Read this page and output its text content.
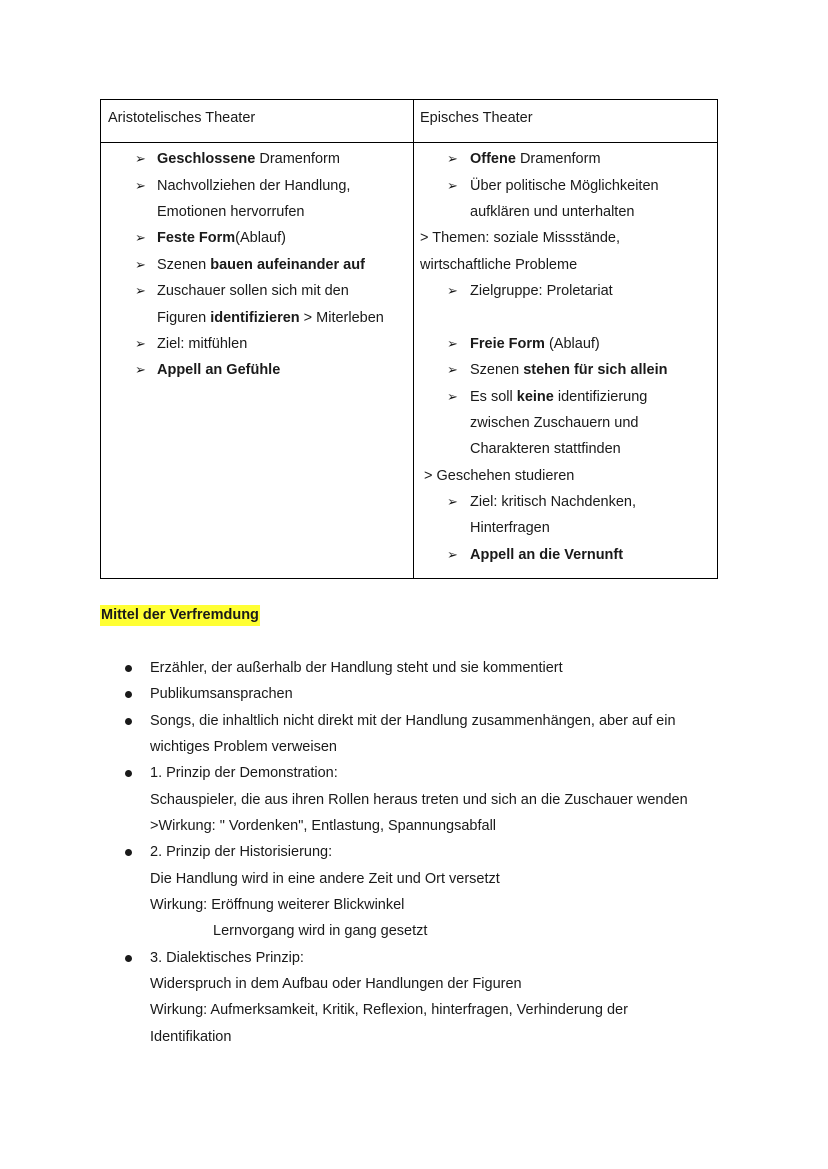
Aristotelisches Theater	Episches Theater
➢ Geschlossene Dramenform
➢ Nachvollziehen der Handlung,
Emotionen hervorrufen
➢ Feste Form(Ablauf)
➢ Szenen bauen aufeinander auf
➢ Zuschauer sollen sich mit den
Figuren identifizieren > Miterleben
➢ Ziel: mitfühlen
➢ Appell an Gefühle
➢ Offene Dramenform
➢ Über politische Möglichkeiten
aufklären und unterhalten
> Themen: soziale Missstände,
wirtschaftliche Probleme
➢ Zielgruppe: Proletariat
➢ Freie Form (Ablauf)
➢ Szenen stehen für sich allein
➢ Es soll keine identifizierung
zwischen Zuschauern und
Charakteren stattfinden
> Geschehen studieren
➢ Ziel: kritisch Nachdenken,
Hinterfragen
➢ Appell an die Vernunft
Mittel der Verfremdung
Erzähler, der außerhalb der Handlung steht und sie kommentiert
Publikumsansprachen
Songs, die inhaltlich nicht direkt mit der Handlung zusammenhängen, aber auf ein
wichtiges Problem verweisen
1. Prinzip der Demonstration:
Schauspieler, die aus ihren Rollen heraus treten und sich an die Zuschauer wenden
>Wirkung: " Vordenken", Entlastung, Spannungsabfall
2. Prinzip der Historisierung:
Die Handlung wird in eine andere Zeit und Ort versetzt
Wirkung: Eröffnung weiterer Blickwinkel
Lernvorgang wird in gang gesetzt
3. Dialektisches Prinzip:
Widerspruch in dem Aufbau oder Handlungen der Figuren
Wirkung: Aufmerksamkeit, Kritik, Reflexion, hinterfragen, Verhinderung der
Identifikation
